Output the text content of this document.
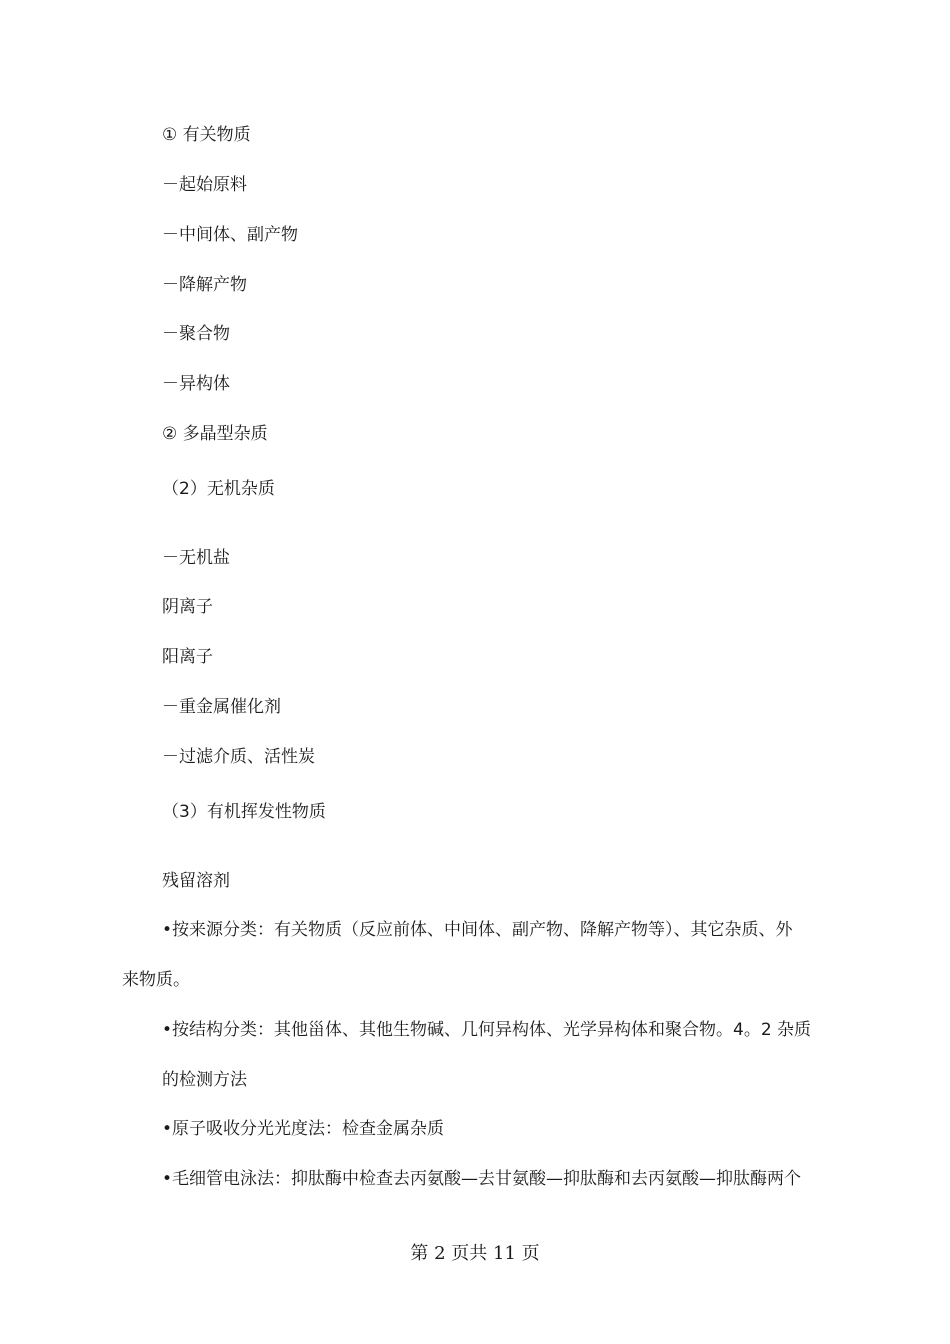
① 有关物质
－起始原料
－中间体、副产物
－降解产物
－聚合物
－异构体
② 多晶型杂质
（2）无机杂质
－无机盐
阴离子
阳离子
－重金属催化剂
－过滤介质、活性炭
（3）有机挥发性物质
残留溶剂
•按来源分类：有关物质（反应前体、中间体、副产物、降解产物等）、其它杂质、外
来物质。
•按结构分类：其他甾体、其他生物碱、几何异构体、光学异构体和聚合物。4。2 杂质
的检测方法
•原子吸收分光光度法：检查金属杂质
•毛细管电泳法：抑肽酶中检查去丙氨酸—去甘氨酸—抑肽酶和去丙氨酸—抑肽酶两个
第 2 页共 11 页
